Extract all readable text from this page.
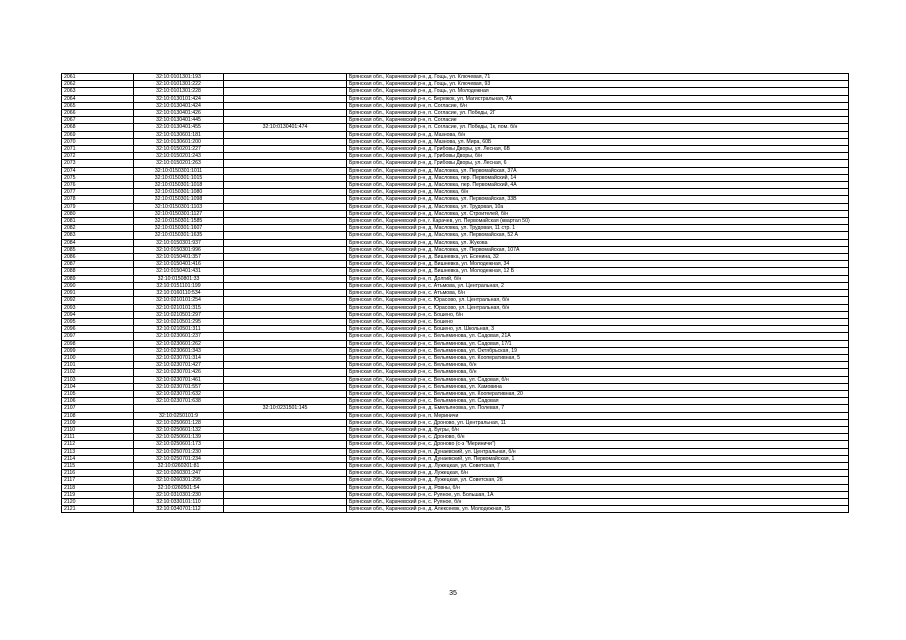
2061	32:10:0101301:193		Брянская обл., Карачевский р-н, д. Гощь, ул. Ключевая, 71
2062	32:10:0101301:222		Брянская обл., Карачевский р-н, д. Гощь, ул. Ключевая, 93
2063	32:10:0101301:228		Брянская обл., Карачевский р-н, д. Гощь, ул. Молодежная
2064	32:10:0130101:424		Брянская обл., Карачевский р-н, с. Бережок, ул. Магистральная, 7А
2065	32:10:0130401:424		Брянская обл., Карачевский р-н, п. Согласие, б/н
2066	32:10:0130401:426		Брянская обл., Карачевский р-н, п. Согласие, ул. Победы, 2Г
2067	32:10:0130401:445		Брянская обл., Карачевский р-н, п. Согласие
2068	32:10:0130401:455	32:10:0130401:474	Брянская обл., Карачевский р-н, п. Согласие, ул. Победы, 1к, пом. б/н
2069	32:10:0130601:181		Брянская обл., Карачевский р-н, д. Мазнова, б/н
2070	32:10:0130601:200		Брянская обл., Карачевский р-н, д. Мазнова, ул. Мира, 60Б
2071	32:10:0150201:227		Брянская обл., Карачевский р-н, д. Грибовы Дворы, ул. Лесная, 6В
2072	32:10:0150201:243		Брянская обл., Карачевский р-н, д. Грибовы Дворы, б/н
2073	32:10:0150201:263		Брянская обл., Карачевский р-н, д. Грибовы Дворы, ул. Лесная, 6
2074	32:10:0150301:1011		Брянская обл., Карачевский р-н, д. Масловка, ул. Первомайская, 37А
2075	32:10:0150301:1015		Брянская обл., Карачевский р-н, д. Масловка, пер. Первомайский, 14
2076	32:10:0150301:1018		Брянская обл., Карачевский р-н, д. Масловка, пер. Первомайский, 4А
2077	32:10:0150301:1080		Брянская обл., Карачевский р-н, д. Масловка, б/н
2078	32:10:0150301:1098		Брянская обл., Карачевский р-н, д. Масловка, ул. Первомайская, 33В
2079	32:10:0150301:1103		Брянская обл., Карачевский р-н, д. Масловка, ул. Трудовая, 10а
2080	32:10:0150301:1127		Брянская обл., Карачевский р-н, д. Масловка, ул. Строителей, б/н
2081	32:10:0150301:1585		Брянская обл., Карачевский р-н, г. Карачев, ул. Первомайская (квартал 50)
2082	32:10:0150301:1607		Брянская обл., Карачевский р-н, д. Масловка, ул. Трудовая, 11 стр. 1
2083	32:10:0150301:1635		Брянская обл., Карачевский р-н, д. Масловка, ул. Первомайская, 52 А
2084	32:10:0150301:937		Брянская обл., Карачевский р-н, д. Масловка, ул. Жукова
2085	32:10:0150301:996		Брянская обл., Карачевский р-н, д. Масловка, ул. Первомайская, 107А
2086	32:10:0150401:357		Брянская обл., Карачевский р-н, д. Вишневка, ул. Есенина, 32
2087	32:10:0150401:416		Брянская обл., Карачевский р-н, д. Вишневка, ул. Молодежная, 34
2088	32:10:0150401:431		Брянская обл., Карачевский р-н, д. Вишневка, ул. Молодежная, 12 Б
2089	32:10:0150801:33		Брянская обл., Карачевский р-н, п. Долгий, б/н
2090	32:10:0151101:199		Брянская обл., Карачевский р-н, с. Атъмова, ул. Центральная, 2
2091	32:10:0160110:534		Брянская обл., Карачевский р-н, с. Атъмова, б/н
2092	32:10:0210101:254		Брянская обл., Карачевский р-н, с. Юрасово, ул. Центральная, б/н
2093	32:10:0210101:315		Брянская обл., Карачевский р-н, с. Юрасово, ул. Центральная, б/н
2094	32:10:0210501:297		Брянская обл., Карачевский р-н, с. Бошено, б/н
2095	32:10:0210501:295		Брянская обл., Карачевский р-н, с. Бошено
2096	32:10:0210501:311		Брянская обл., Карачевский р-н, с. Бошено, ул. Школьная, 3
2097	32:10:0230601:237		Брянская обл., Карачевский р-н, с. Вельяминова, ул. Садовая, 21А
2098	32:10:0230601:262		Брянская обл., Карачевский р-н, с. Вельяминова, ул. Садовая, 17/1
2099	32:10:0230601:343		Брянская обл., Карачевский р-н, с. Вельяминова, ул. Октябрьская, 19
2100	32:10:0230701:314		Брянская обл., Карачевский р-н, с. Вельяминова, ул. Кооперативная, 5
2101	32:10:0230701:427		Брянская обл., Карачевский р-н, с. Вельяминова, б/н
2102	32:10:0230701:426		Брянская обл., Карачевский р-н, с. Вельяминова, б/н
2103	32:10:0230701:461		Брянская обл., Карачевский р-н, с. Вельяминова, ул. Садовая, б/н
2104	32:10:0230701:557		Брянская обл., Карачевский р-н, с. Вельяминова, ул. Хамовина
2105	32:10:0230701:632		Брянская обл., Карачевский р-н, с. Вельяминова, ул. Кооперативная, 20
2106	32:10:0230701:638		Брянская обл., Карачевский р-н, с. Вельяминова, ул. Садовая
2107		32:10:0231501:145	Брянская обл., Карачевский р-н, д. Емельяновка, ул. Полевая, 7
2108	32:10:0250101:9		Брянская обл., Карачевский р-н, п. Мериничи
2109	32:10:0250601:128		Брянская обл., Карачевский р-н, с. Дроново, ул. Центральная, 11
2110	32:10:0250601:132		Брянская обл., Карачевский р-н, д. Бугры, б/н
2111	32:10:0250601:139		Брянская обл., Карачевский р-н, с. Дроново, б/н
2112	32:10:0250601:173		Брянская обл., Карачевский р-н, с. Дроново (с-з "Мериничи")
2113	32:10:0250701:230		Брянская обл., Карачевский р-н, п. Дунаевский, ул. Центральная, б/н
2114	32:10:0250701:234		Брянская обл., Карачевский р-н, п. Дунаевский, ул. Первомайская, 1
2115	32:10:0260201:81		Брянская обл., Карачевский р-н, д. Лужецкая, ул. Советская, 7
2116	32:10:0260301:247		Брянская обл., Карачевский р-н, д. Лужецкая, б/н
2117	32:10:0260301:295		Брянская обл., Карачевский р-н, д. Лужецкая, ул. Советская, 26
2118	32:10:0260501:54		Брянская обл., Карачевский р-н, д. Ровны, б/н
2119	32:10:0310301:230		Брянская обл., Карачевский р-н, с. Руяное, ул. Большая, 1А
2120	32:10:0330101:110		Брянская обл., Карачевский р-н, с. Руяное, б/н
2121	32:10:0340701:112		Брянская обл., Карачевский р-н, д. Алексеевк, ул. Молодежная, 15
35
